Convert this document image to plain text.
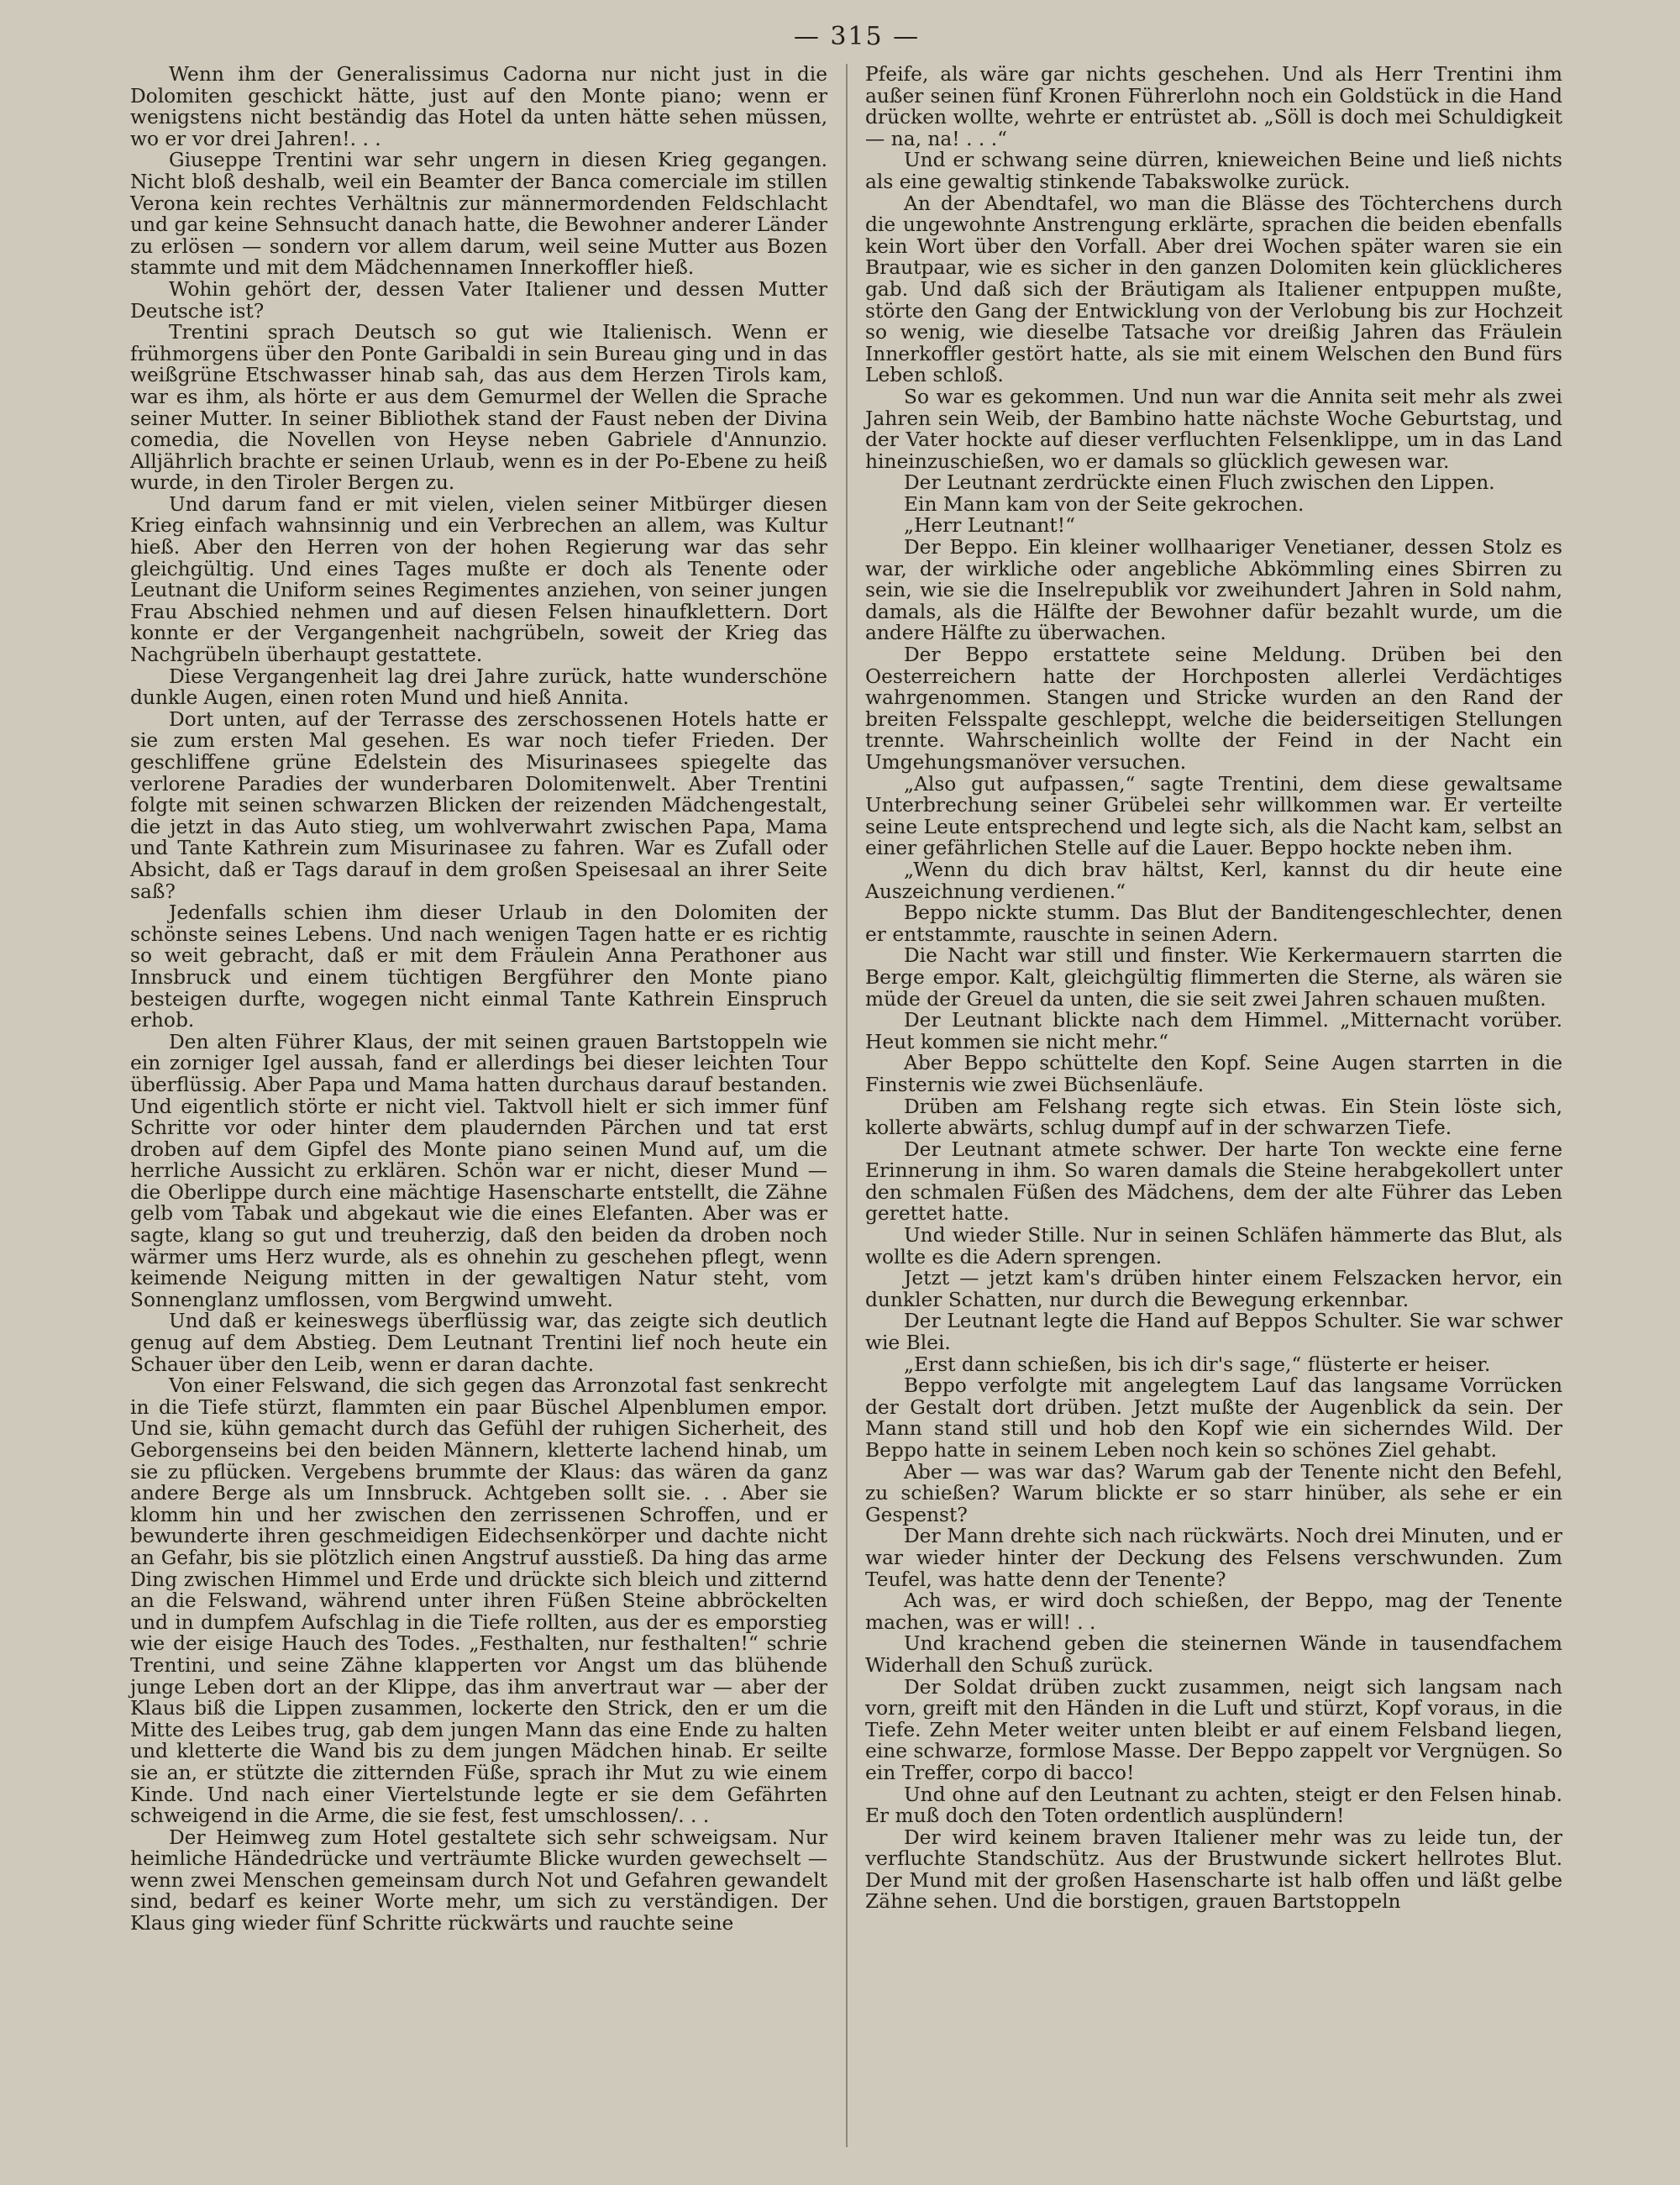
— 315 —

Wenn ihm der Generalissimus Cadorna nur nicht just in die Dolomiten geschickt hätte, just auf den Monte piano; wenn er wenigstens nicht beständig das Hotel da unten hätte sehen müssen, wo er vor drei Jahren!. . .

Giuseppe Trentini war sehr ungern in diesen Krieg gegangen. Nicht bloß deshalb, weil ein Beamter der Banca comerciale im stillen Verona kein rechtes Verhältnis zur männermordenden Feldschlacht und gar keine Sehnsucht danach hatte, die Bewohner anderer Länder zu erlösen — sondern vor allem darum, weil seine Mutter aus Bozen stammte und mit dem Mädchennamen Innerkoffler hieß.

Wohin gehört der, dessen Vater Italiener und dessen Mutter Deutsche ist?

Trentini sprach Deutsch so gut wie Italienisch. Wenn er frühmorgens über den Ponte Garibaldi in sein Bureau ging und in das weißgrüne Etschwasser hinab sah, das aus dem Herzen Tirols kam, war es ihm, als hörte er aus dem Gemurmel der Wellen die Sprache seiner Mutter. In seiner Bibliothek stand der Faust neben der Divina comedia, die Novellen von Heyse neben Gabriele d'Annunzio. Alljährlich brachte er seinen Urlaub, wenn es in der Po-Ebene zu heiß wurde, in den Tiroler Bergen zu.

Und darum fand er mit vielen, vielen seiner Mitbürger diesen Krieg einfach wahnsinnig und ein Verbrechen an allem, was Kultur hieß. Aber den Herren von der hohen Regierung war das sehr gleichgültig. Und eines Tages mußte er doch als Tenente oder Leutnant die Uniform seines Regimentes anziehen, von seiner jungen Frau Abschied nehmen und auf diesen Felsen hinaufklettern. Dort konnte er der Vergangenheit nachgrübeln, soweit der Krieg das Nachgrübeln überhaupt gestattete.

Diese Vergangenheit lag drei Jahre zurück, hatte wunderschöne dunkle Augen, einen roten Mund und hieß Annita.

Dort unten, auf der Terrasse des zerschossenen Hotels hatte er sie zum ersten Mal gesehen. Es war noch tiefer Frieden. Der geschliffene grüne Edelstein des Misurinasees spiegelte das verlorene Paradies der wunderbaren Dolomitenwelt. Aber Trentini folgte mit seinen schwarzen Blicken der reizenden Mädchengestalt, die jetzt in das Auto stieg, um wohlverwahrt zwischen Papa, Mama und Tante Kathrein zum Misurinasee zu fahren. War es Zufall oder Absicht, daß er Tags darauf in dem großen Speisesaal an ihrer Seite saß?

Jedenfalls schien ihm dieser Urlaub in den Dolomiten der schönste seines Lebens. Und nach wenigen Tagen hatte er es richtig so weit gebracht, daß er mit dem Fräulein Anna Perathoner aus Innsbruck und einem tüchtigen Bergführer den Monte piano besteigen durfte, wogegen nicht einmal Tante Kathrein Einspruch erhob.

Den alten Führer Klaus, der mit seinen grauen Bartstoppeln wie ein zorniger Igel aussah, fand er allerdings bei dieser leichten Tour überflüssig. Aber Papa und Mama hatten durchaus darauf bestanden. Und eigentlich störte er nicht viel. Taktvoll hielt er sich immer fünf Schritte vor oder hinter dem plaudernden Pärchen und tat erst droben auf dem Gipfel des Monte piano seinen Mund auf, um die herrliche Aussicht zu erklären. Schön war er nicht, dieser Mund — die Oberlippe durch eine mächtige Hasenscharte entstellt, die Zähne gelb vom Tabak und abgekaut wie die eines Elefanten. Aber was er sagte, klang so gut und treuherzig, daß den beiden da droben noch wärmer ums Herz wurde, als es ohnehin zu geschehen pflegt, wenn keimende Neigung mitten in der gewaltigen Natur steht, vom Sonnenglanz umflossen, vom Bergwind umweht.

Und daß er keineswegs überflüssig war, das zeigte sich deutlich genug auf dem Abstieg. Dem Leutnant Trentini lief noch heute ein Schauer über den Leib, wenn er daran dachte.

Von einer Felswand, die sich gegen das Arronzotal fast senkrecht in die Tiefe stürzt, flammten ein paar Büschel Alpenblumen empor. Und sie, kühn gemacht durch das Gefühl der ruhigen Sicherheit, des Geborgenseins bei den beiden Männern, kletterte lachend hinab, um sie zu pflücken. Vergebens brummte der Klaus: das wären da ganz andere Berge als um Innsbruck. Achtgeben sollt sie. . . Aber sie klomm hin und her zwischen den zerrissenen Schroffen, und er bewunderte ihren geschmeidigen Eidechsenkörper und dachte nicht an Gefahr, bis sie plötzlich einen Angstruf ausstieß. Da hing das arme Ding zwischen Himmel und Erde und drückte sich bleich und zitternd an die Felswand, während unter ihren Füßen Steine abbröckelten und in dumpfem Aufschlag in die Tiefe rollten, aus der es emporstieg wie der eisige Hauch des Todes. „Festhalten, nur festhalten!“ schrie Trentini, und seine Zähne klapperten vor Angst um das blühende junge Leben dort an der Klippe, das ihm anvertraut war — aber der Klaus biß die Lippen zusammen, lockerte den Strick, den er um die Mitte des Leibes trug, gab dem jungen Mann das eine Ende zu halten und kletterte die Wand bis zu dem jungen Mädchen hinab. Er seilte sie an, er stützte die zitternden Füße, sprach ihr Mut zu wie einem Kinde. Und nach einer Viertelstunde legte er sie dem Gefährten schweigend in die Arme, die sie fest, fest umschlossen/. . .

Der Heimweg zum Hotel gestaltete sich sehr schweigsam. Nur heimliche Händedrücke und verträumte Blicke wurden gewechselt — wenn zwei Menschen gemeinsam durch Not und Gefahren gewandelt sind, bedarf es keiner Worte mehr, um sich zu verständigen. Der Klaus ging wieder fünf Schritte rückwärts und rauchte seine

Pfeife, als wäre gar nichts geschehen. Und als Herr Trentini ihm außer seinen fünf Kronen Führerlohn noch ein Goldstück in die Hand drücken wollte, wehrte er entrüstet ab. „Söll is doch mei Schuldigkeit — na, na! . . .“

Und er schwang seine dürren, knieweichen Beine und ließ nichts als eine gewaltig stinkende Tabakswolke zurück.

An der Abendtafel, wo man die Blässe des Töchterchens durch die ungewohnte Anstrengung erklärte, sprachen die beiden ebenfalls kein Wort über den Vorfall. Aber drei Wochen später waren sie ein Brautpaar, wie es sicher in den ganzen Dolomiten kein glücklicheres gab. Und daß sich der Bräutigam als Italiener entpuppen mußte, störte den Gang der Entwicklung von der Verlobung bis zur Hochzeit so wenig, wie dieselbe Tatsache vor dreißig Jahren das Fräulein Innerkoffler gestört hatte, als sie mit einem Welschen den Bund fürs Leben schloß.

So war es gekommen. Und nun war die Annita seit mehr als zwei Jahren sein Weib, der Bambino hatte nächste Woche Geburtstag, und der Vater hockte auf dieser verfluchten Felsenklippe, um in das Land hineinzuschießen, wo er damals so glücklich gewesen war.

Der Leutnant zerdrückte einen Fluch zwischen den Lippen.

Ein Mann kam von der Seite gekrochen.

„Herr Leutnant!“

Der Beppo. Ein kleiner wollhaariger Venetianer, dessen Stolz es war, der wirkliche oder angebliche Abkömmling eines Sbirren zu sein, wie sie die Inselrepublik vor zweihundert Jahren in Sold nahm, damals, als die Hälfte der Bewohner dafür bezahlt wurde, um die andere Hälfte zu überwachen.

Der Beppo erstattete seine Meldung. Drüben bei den Oesterreichern hatte der Horchposten allerlei Verdächtiges wahrgenommen. Stangen und Stricke wurden an den Rand der breiten Felsspalte geschleppt, welche die beiderseitigen Stellungen trennte. Wahrscheinlich wollte der Feind in der Nacht ein Umgehungsmanöver versuchen.

„Also gut aufpassen,“ sagte Trentini, dem diese gewaltsame Unterbrechung seiner Grübelei sehr willkommen war. Er verteilte seine Leute entsprechend und legte sich, als die Nacht kam, selbst an einer gefährlichen Stelle auf die Lauer. Beppo hockte neben ihm.

„Wenn du dich brav hältst, Kerl, kannst du dir heute eine Auszeichnung verdienen.“

Beppo nickte stumm. Das Blut der Banditengeschlechter, denen er entstammte, rauschte in seinen Adern.

Die Nacht war still und finster. Wie Kerkermauern starrten die Berge empor. Kalt, gleichgültig flimmerten die Sterne, als wären sie müde der Greuel da unten, die sie seit zwei Jahren schauen mußten.

Der Leutnant blickte nach dem Himmel. „Mitternacht vorüber. Heut kommen sie nicht mehr.“

Aber Beppo schüttelte den Kopf. Seine Augen starrten in die Finsternis wie zwei Büchsenläufe.

Drüben am Felshang regte sich etwas. Ein Stein löste sich, kollerte abwärts, schlug dumpf auf in der schwarzen Tiefe.

Der Leutnant atmete schwer. Der harte Ton weckte eine ferne Erinnerung in ihm. So waren damals die Steine herabgekollert unter den schmalen Füßen des Mädchens, dem der alte Führer das Leben gerettet hatte.

Und wieder Stille. Nur in seinen Schläfen hämmerte das Blut, als wollte es die Adern sprengen.

Jetzt — jetzt kam's drüben hinter einem Felszacken hervor, ein dunkler Schatten, nur durch die Bewegung erkennbar.

Der Leutnant legte die Hand auf Beppos Schulter. Sie war schwer wie Blei.

„Erst dann schießen, bis ich dir's sage,“ flüsterte er heiser.

Beppo verfolgte mit angelegtem Lauf das langsame Vorrücken der Gestalt dort drüben. Jetzt mußte der Augenblick da sein. Der Mann stand still und hob den Kopf wie ein sicherndes Wild. Der Beppo hatte in seinem Leben noch kein so schönes Ziel gehabt.

Aber — was war das? Warum gab der Tenente nicht den Befehl, zu schießen? Warum blickte er so starr hinüber, als sehe er ein Gespenst?

Der Mann drehte sich nach rückwärts. Noch drei Minuten, und er war wieder hinter der Deckung des Felsens verschwunden. Zum Teufel, was hatte denn der Tenente?

Ach was, er wird doch schießen, der Beppo, mag der Tenente machen, was er will! . .

Und krachend geben die steinernen Wände in tausendfachem Widerhall den Schuß zurück.

Der Soldat drüben zuckt zusammen, neigt sich langsam nach vorn, greift mit den Händen in die Luft und stürzt, Kopf voraus, in die Tiefe. Zehn Meter weiter unten bleibt er auf einem Felsband liegen, eine schwarze, formlose Masse. Der Beppo zappelt vor Vergnügen. So ein Treffer, corpo di bacco!

Und ohne auf den Leutnant zu achten, steigt er den Felsen hinab. Er muß doch den Toten ordentlich ausplündern!

Der wird keinem braven Italiener mehr was zu leide tun, der verfluchte Standschütz. Aus der Brustwunde sickert hellrotes Blut. Der Mund mit der großen Hasenscharte ist halb offen und läßt gelbe Zähne sehen. Und die borstigen, grauen Bartstoppeln
